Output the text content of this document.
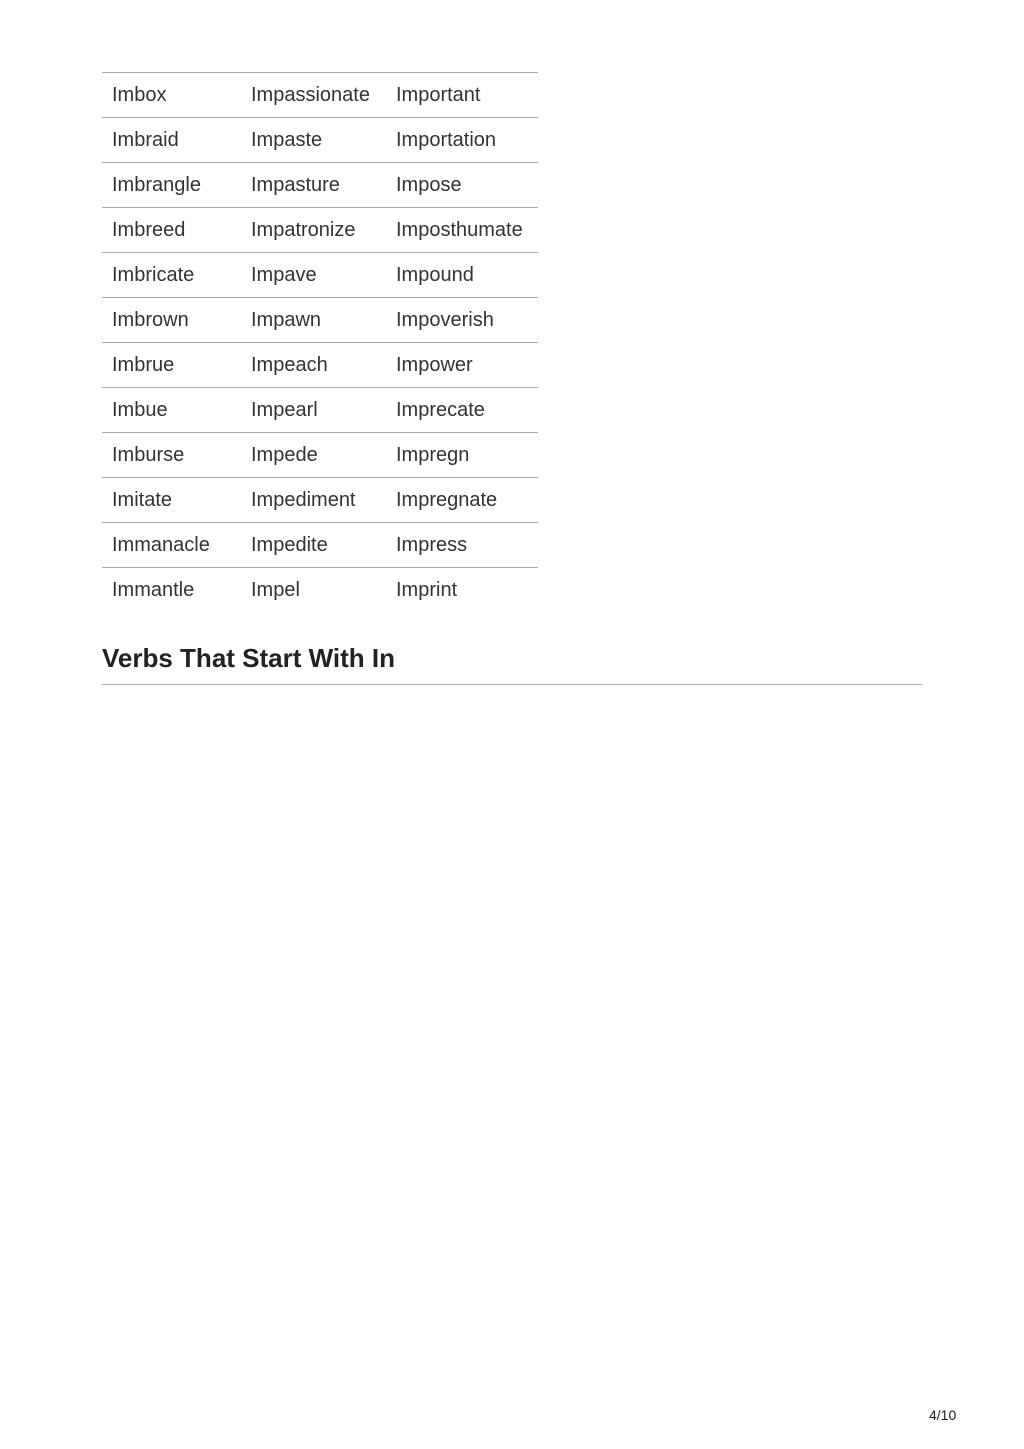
Imbox	Impassionate	Important
Imbraid	Impaste	Importation
Imbrangle	Impasture	Impose
Imbreed	Impatronize	Imposthumate
Imbricate	Impave	Impound
Imbrown	Impawn	Impoverish
Imbrue	Impeach	Impower
Imbue	Impearl	Imprecate
Imburse	Impede	Impregn
Imitate	Impediment	Impregnate
Immanacle	Impedite	Impress
Immantle	Impel	Imprint
Verbs That Start With In
4/10
